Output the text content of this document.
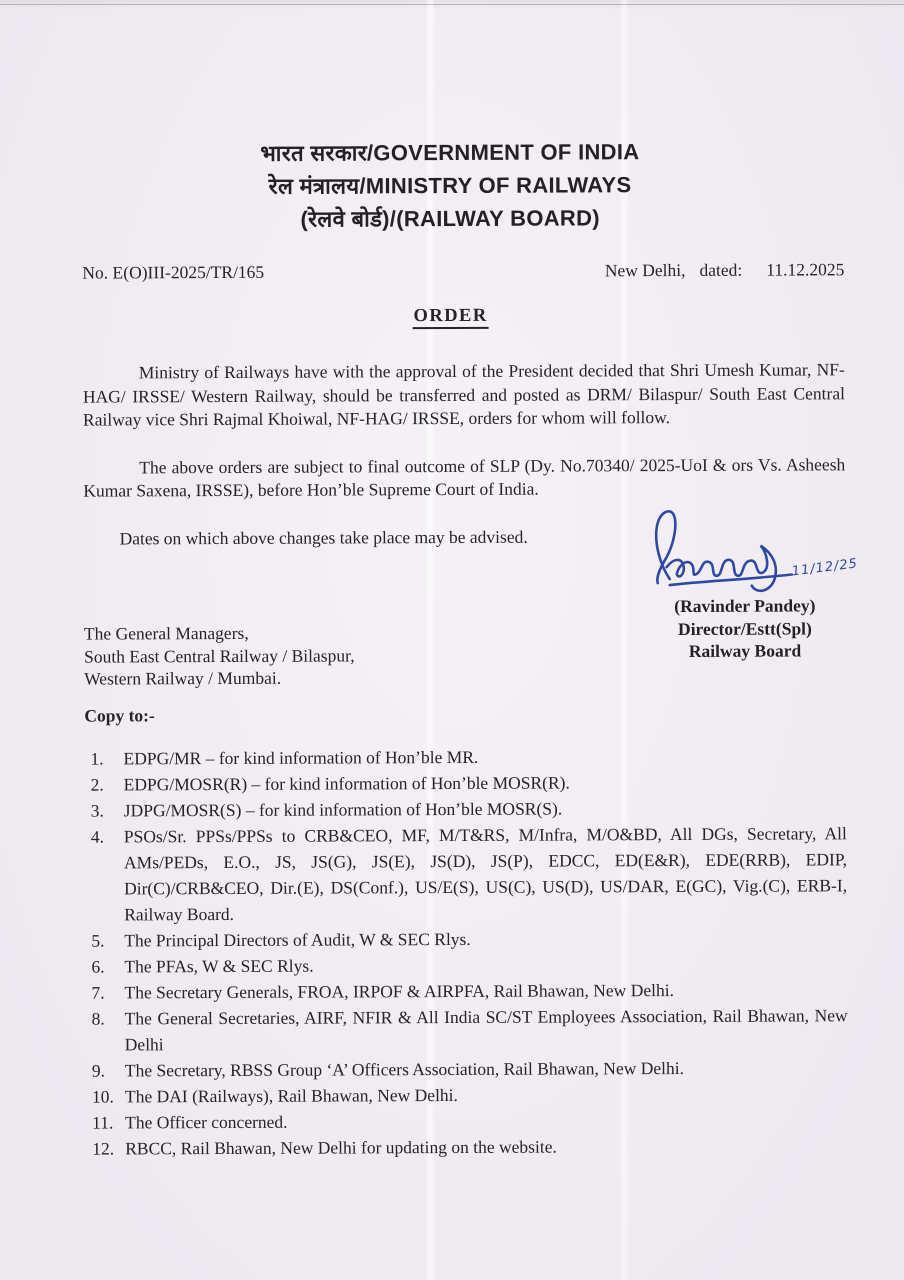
भारत सरकार/GOVERNMENT OF INDIA
रेल मंत्रालय/MINISTRY OF RAILWAYS
(रेलवे बोर्ड)/(RAILWAY BOARD)
No. E(O)III-2025/TR/165	New Delhi, dated: 11.12.2025
ORDER

Ministry of Railways have with the approval of the President decided that Shri Umesh Kumar, NF-HAG/ IRSSE/ Western Railway, should be transferred and posted as DRM/ Bilaspur/ South East Central Railway vice Shri Rajmal Khoiwal, NF-HAG/ IRSSE, orders for whom will follow.

The above orders are subject to final outcome of SLP (Dy. No.70340/ 2025-UoI & ors Vs. Asheesh Kumar Saxena, IRSSE), before Hon’ble Supreme Court of India.

Dates on which above changes take place may be advised.

The General Managers,
South East Central Railway / Bilaspur,
Western Railway / Mumbai.
Copy to:-
EDPG/MR – for kind information of Hon’ble MR.
EDPG/MOSR(R) – for kind information of Hon’ble MOSR(R).
JDPG/MOSR(S) – for kind information of Hon’ble MOSR(S).
PSOs/Sr. PPSs/PPSs to CRB&CEO, MF, M/T&RS, M/Infra, M/O&BD, All DGs, Secretary, All AMs/PEDs, E.O., JS, JS(G), JS(E), JS(D), JS(P), EDCC, ED(E&R), EDE(RRB), EDIP, Dir(C)/CRB&CEO, Dir.(E), DS(Conf.), US/E(S), US(C), US(D), US/DAR, E(GC), Vig.(C), ERB-I, Railway Board.
The Principal Directors of Audit, W & SEC Rlys.
The PFAs, W & SEC Rlys.
The Secretary Generals, FROA, IRPOF & AIRPFA, Rail Bhawan, New Delhi.
The General Secretaries, AIRF, NFIR & All India SC/ST Employees Association, Rail Bhawan, New Delhi
The Secretary, RBSS Group ‘A’ Officers Association, Rail Bhawan, New Delhi.
The DAI (Railways), Rail Bhawan, New Delhi.
The Officer concerned.
RBCC, Rail Bhawan, New Delhi for updating on the website.
11/12/25
(Ravinder Pandey)
Director/Estt(Spl)
Railway Board
